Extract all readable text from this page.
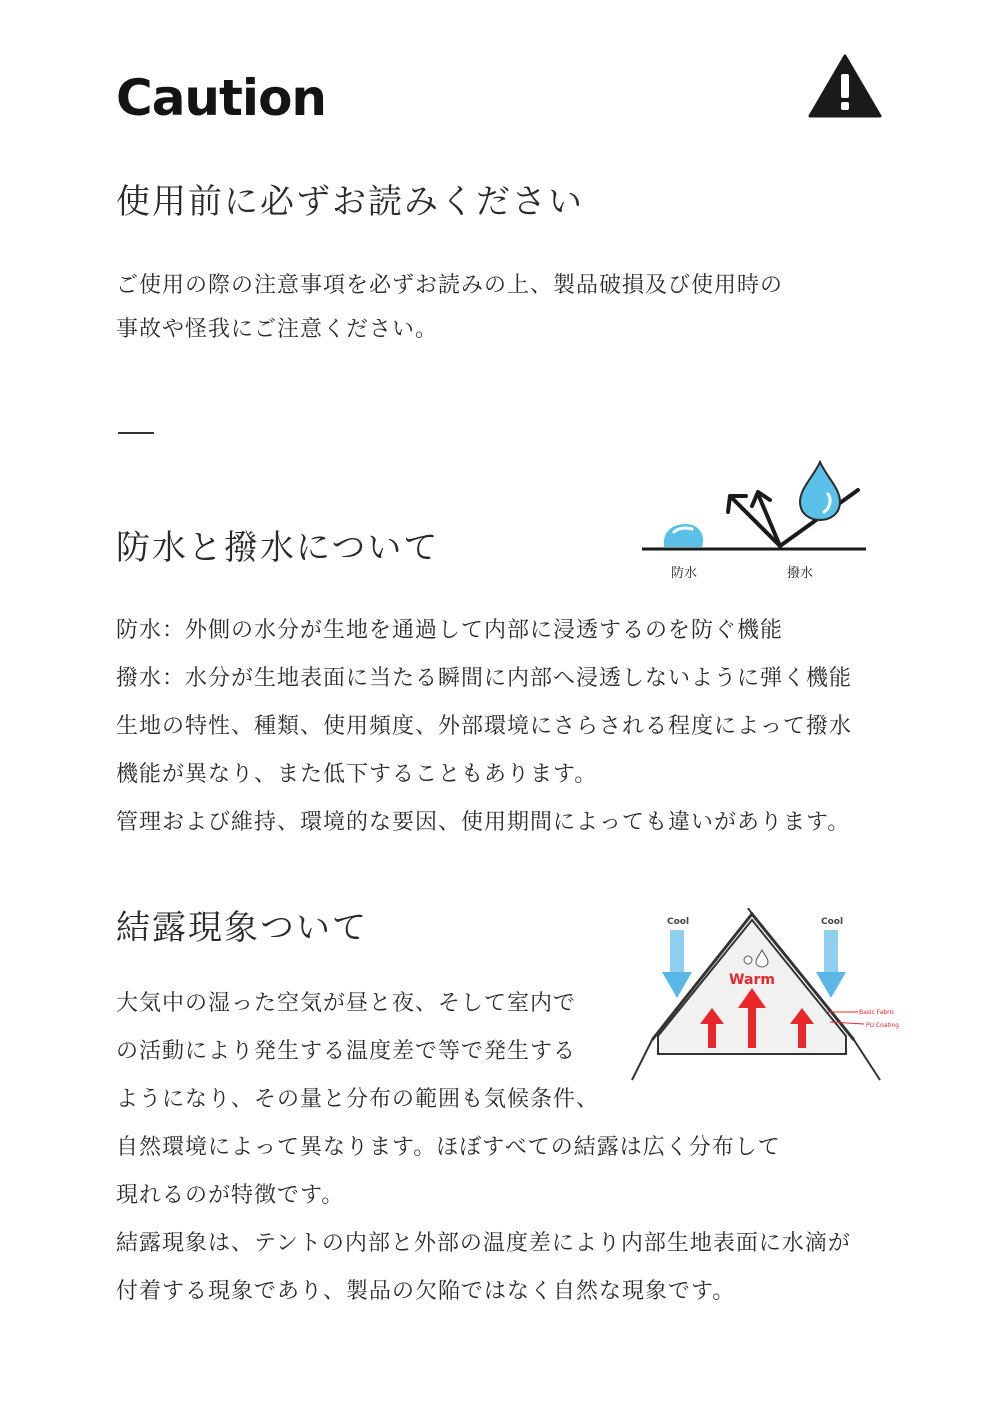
Caution
使用前に必ずお読みください
ご使用の際の注意事項を必ずお読みの上、製品破損及び使用時の
事故や怪我にご注意ください。
防水と撥水について
防水	撥水
防水：外側の水分が生地を通過して内部に浸透するのを防ぐ機能
撥水：水分が生地表面に当たる瞬間に内部へ浸透しないように弾く機能
生地の特性、種類、使用頻度、外部環境にさらされる程度によって撥水
機能が異なり、また低下することもあります。
管理および維持、環境的な要因、使用期間によっても違いがあります。
結露現象ついて
Warm
Cool	Cool
Basic Fabric
PU Coating
大気中の湿った空気が昼と夜、そして室内で
の活動により発生する温度差で等で発生する
ようになり、その量と分布の範囲も気候条件、
自然環境によって異なります。ほぼすべての結露は広く分布して
現れるのが特徴です。
結露現象は、テントの内部と外部の温度差により内部生地表面に水滴が
付着する現象であり、製品の欠陥ではなく自然な現象です。
